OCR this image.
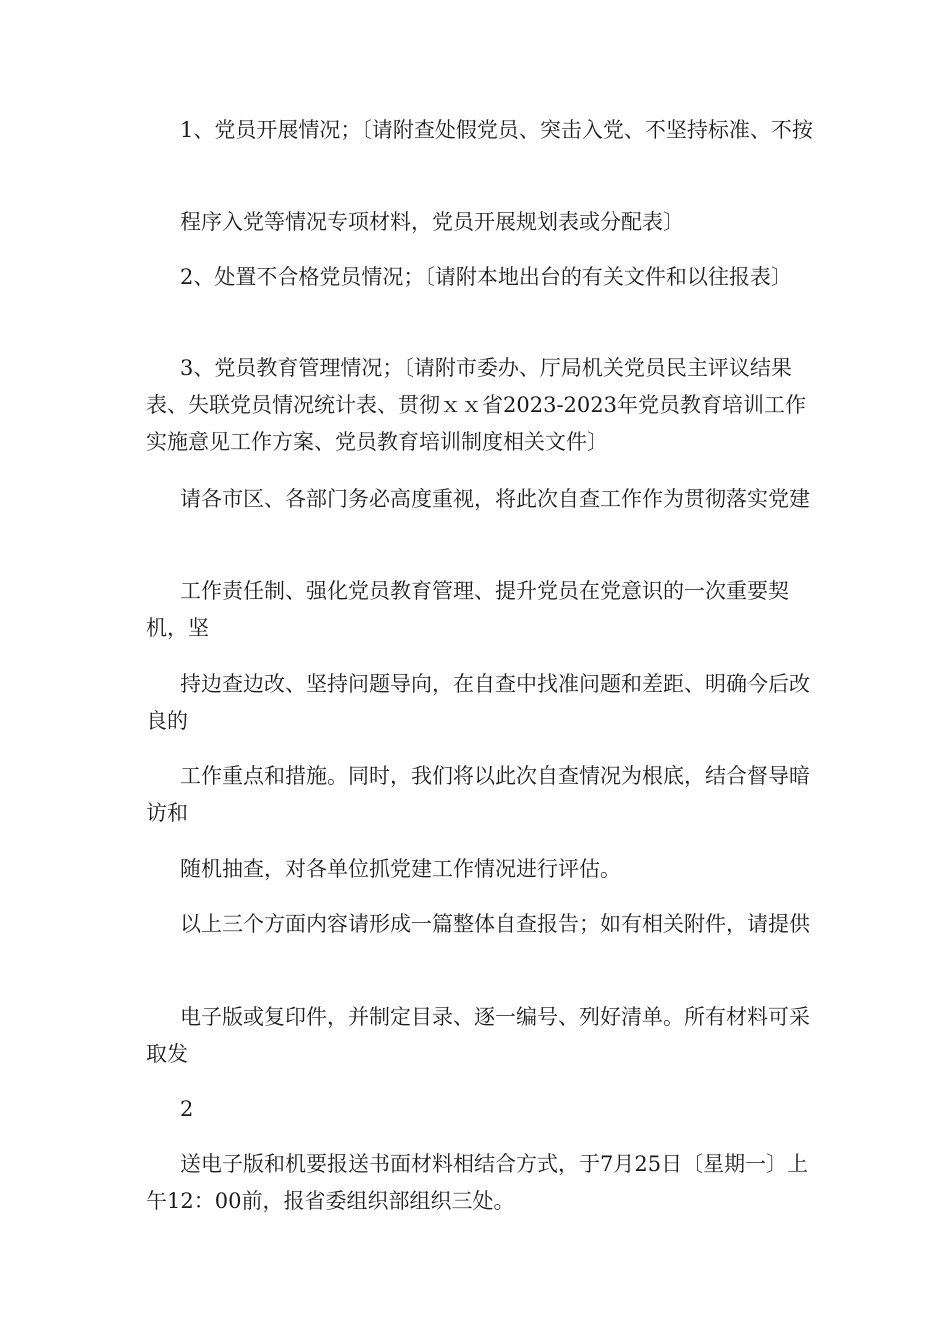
1、党员开展情况；〔请附查处假党员、突击入党、不坚持标准、不按

程序入党等情况专项材料，党员开展规划表或分配表〕

2、处置不合格党员情况；〔请附本地出台的有关文件和以往报表〕

3、党员教育管理情况；〔请附市委办、厅局机关党员民主评议结果表、失联党员情况统计表、贯彻ｘｘ省2023-2023年党员教育培训工作实施意见工作方案、党员教育培训制度相关文件〕

请各市区、各部门务必高度重视，将此次自查工作作为贯彻落实党建

工作责任制、强化党员教育管理、提升党员在党意识的一次重要契机，坚

持边查边改、坚持问题导向，在自查中找准问题和差距、明确今后改良的

工作重点和措施。同时，我们将以此次自查情况为根底，结合督导暗访和

随机抽查，对各单位抓党建工作情况进行评估。

以上三个方面内容请形成一篇整体自查报告；如有相关附件，请提供

电子版或复印件，并制定目录、逐一编号、列好清单。所有材料可采取发

2

送电子版和机要报送书面材料相结合方式，于7月25日〔星期一〕上午12：00前，报省委组织部组织三处。
